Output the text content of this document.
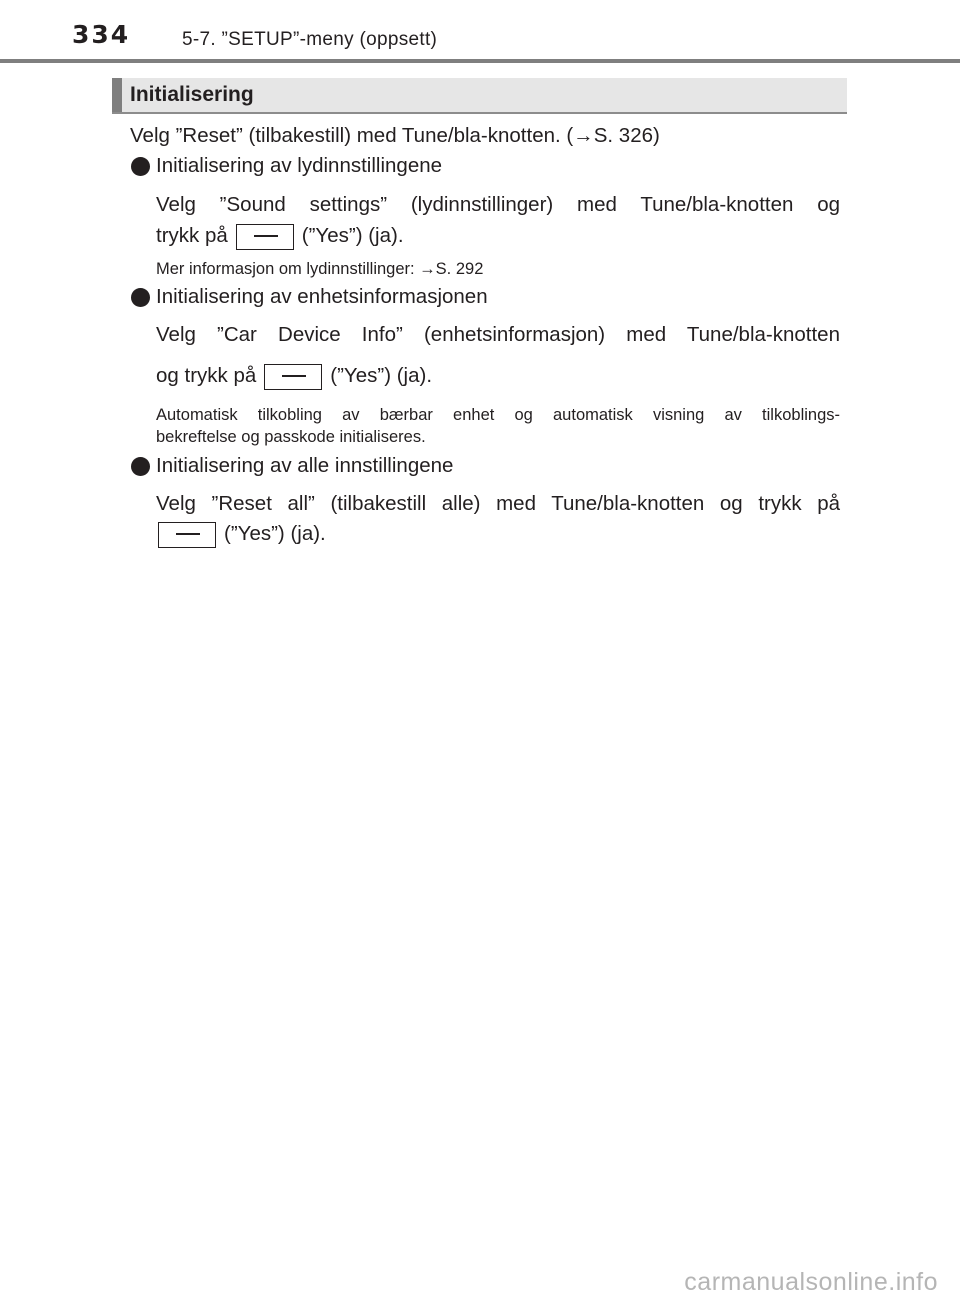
334	5-7. ”SETUP”-meny (oppsett)
Initialisering
Velg ”Reset” (tilbakestill) med Tune/bla-knotten. (→S. 326)
Initialisering av lydinnstillingene
Velg ”Sound settings” (lydinnstillinger) med Tune/bla-knotten og
trykk på	(”Yes”) (ja).
Mer informasjon om lydinnstillinger: →S. 292
Initialisering av enhetsinformasjonen
Velg ”Car Device Info” (enhetsinformasjon) med Tune/bla-knotten
og trykk på	(”Yes”) (ja).
Automatisk tilkobling av bærbar enhet og automatisk visning av tilkoblings-
bekreftelse og passkode initialiseres.
Initialisering av alle innstillingene
Velg ”Reset all” (tilbakestill alle) med Tune/bla-knotten og trykk på
(”Yes”) (ja).
carmanualsonline.info
